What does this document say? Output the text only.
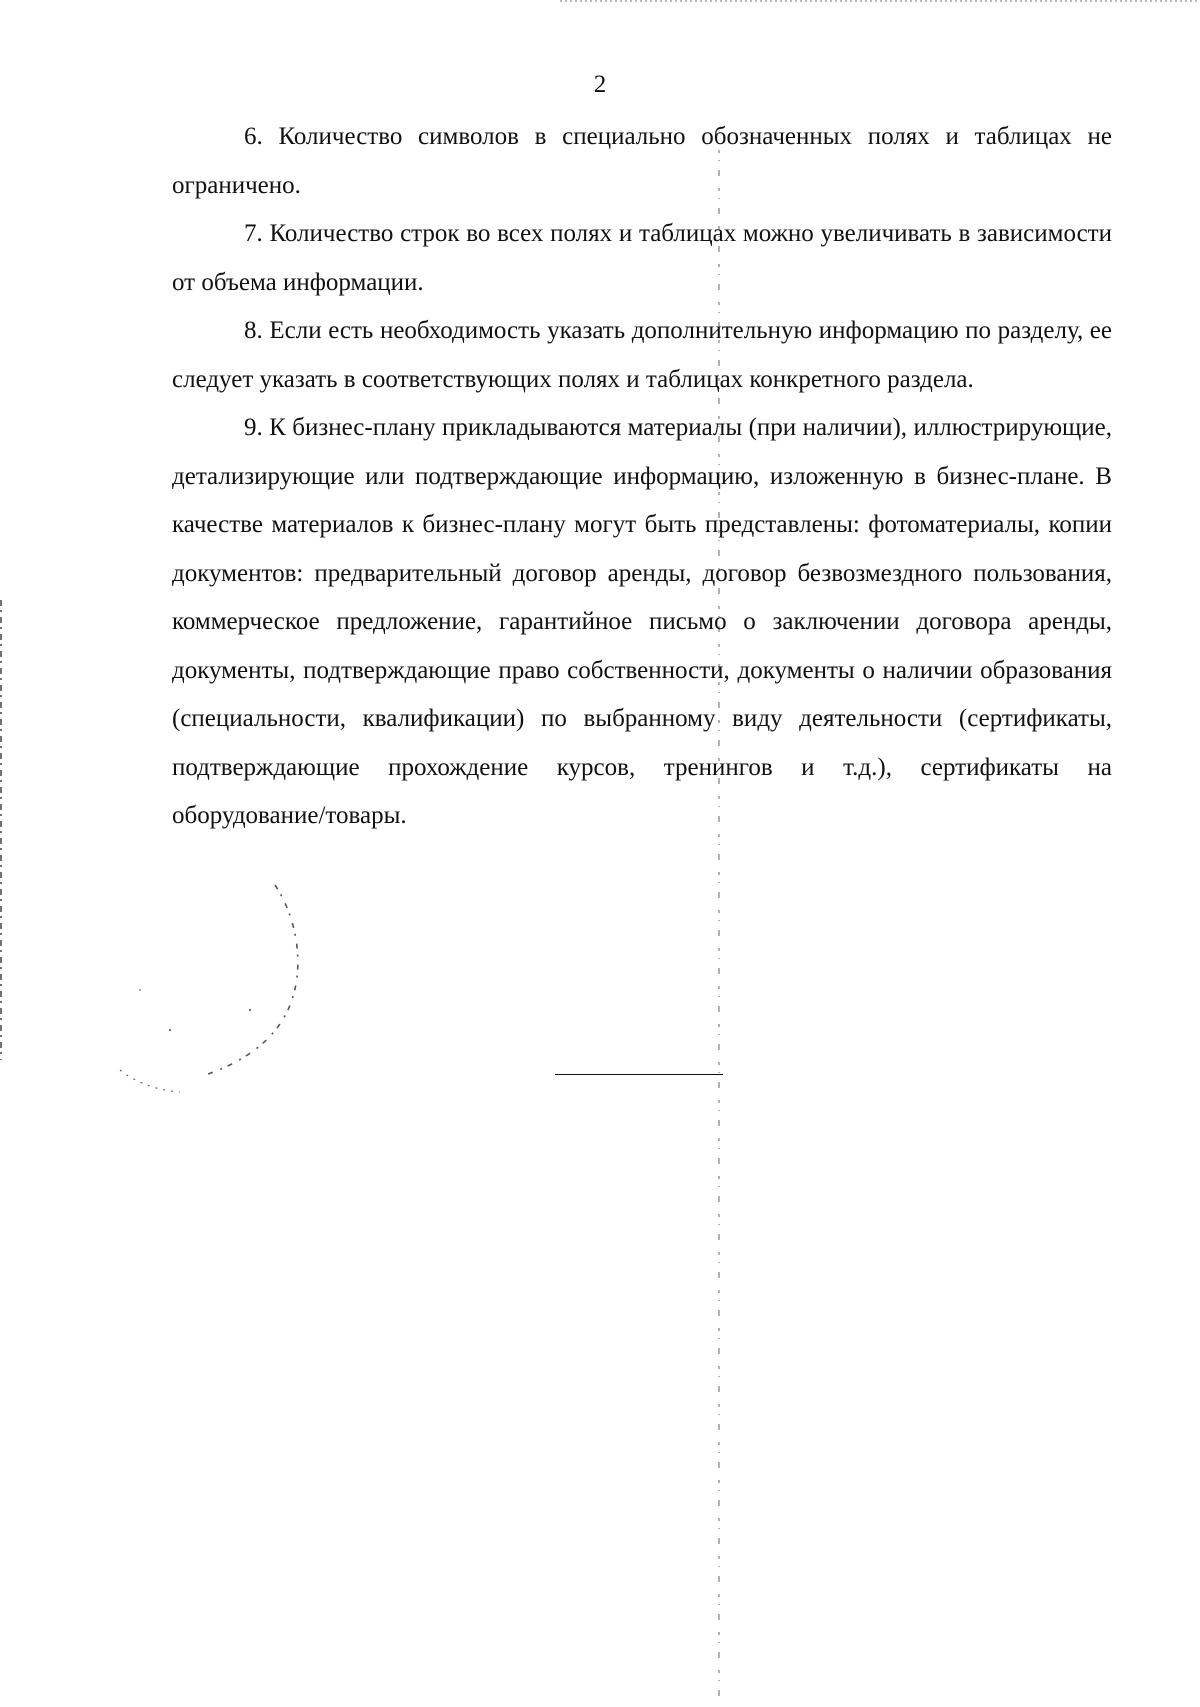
2

6. Количество символов в специально обозначенных полях и таблицах не ограничено.

7. Количество строк во всех полях и таблицах можно увеличивать в зависимости от объема информации.

8. Если есть необходимость указать дополнительную информацию по разделу, ее следует указать в соответствующих полях и таблицах конкретного раздела.

9. К бизнес-плану прикладываются материалы (при наличии), иллюстрирующие, детализирующие или подтверждающие информацию, изложенную в бизнес-плане. В качестве материалов к бизнес-плану могут быть представлены: фотоматериалы, копии документов: предварительный договор аренды, договор безвозмездного пользования, коммерческое предложение, гарантийное письмо о заключении договора аренды, документы, подтверждающие право собственности, документы о наличии образования (специальности, квалификации) по выбранному виду деятельности (сертификаты, подтверждающие прохождение курсов, тренингов и т.д.), сертификаты на оборудование/товары.
